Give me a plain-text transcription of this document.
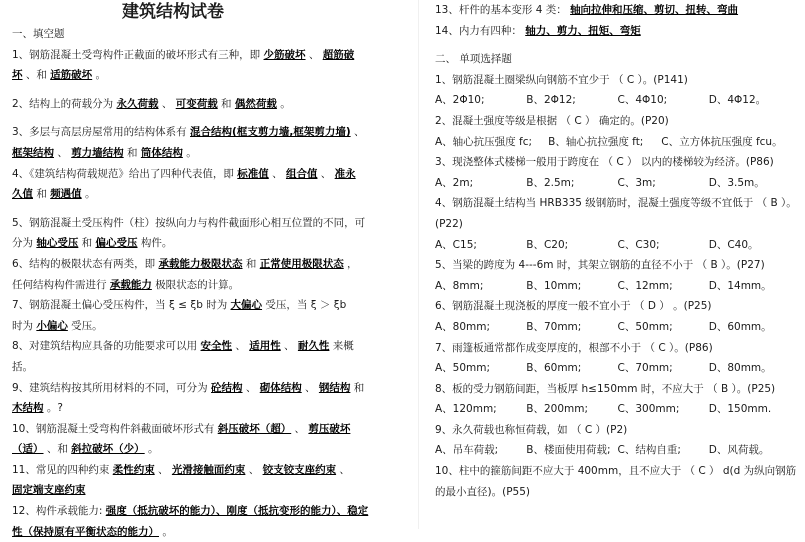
建筑结构试卷
一、填空题
1、钢筋混凝土受弯构件正截面的破坏形式有三种，即 少筋破坏 、 超筋破
坏 、和 适筋破坏 。
2、结构上的荷载分为 永久荷载 、 可变荷载 和 偶然荷载 。
3、多层与高层房屋常用的结构体系有 混合结构(框支剪力墙,框架剪力墙) 、
框架结构 、 剪力墙结构 和 筒体结构 。
4、《建筑结构荷载规范》给出了四种代表值，即 标准值 、 组合值 、 准永
久值 和 频遇值 。
5、钢筋混凝土受压构件（柱）按纵向力与构件截面形心相互位置的不同，可
分为 轴心受压 和 偏心受压 构件。
6、结构的极限状态有两类，即 承载能力极限状态 和 正常使用极限状态 ，
任何结构构件需进行 承载能力 极限状态的计算。
7、钢筋混凝土偏心受压构件，当 ξ ≤ ξb 时为 大偏心 受压，当 ξ ＞ ξb
时为 小偏心 受压。
8、对建筑结构应具备的功能要求可以用 安全性 、 适用性 、 耐久性 来概
括。
9、建筑结构按其所用材料的不同，可分为 砼结构 、 砌体结构 、 钢结构 和
木结构 。?
10、钢筋混凝土受弯构件斜截面破坏形式有 斜压破坏（超） 、 剪压破坏
（适） 、和 斜拉破坏（少） 。
11、常见的四种约束 柔性约束 、 光滑接触面约束 、 铰支铰支座约束 、
固定端支座约束
12、构件承载能力: 强度（抵抗破坏的能力）、刚度（抵抗变形的能力）、稳定
性（保持原有平衡状态的能力） 。
13、杆件的基本变形 4 类： 轴向拉伸和压缩、剪切、扭转、弯曲
14、内力有四种： 轴力、剪力、扭矩、弯矩
二、 单项选择题
1、钢筋混凝土圈梁纵向钢筋不宜少于 （ C ）。(P141)
A、2Φ10;	B、2Φ12;	C、4Φ10;	D、4Φ12。
2、混凝土强度等级是根据 （ C ） 确定的。(P20)
A、轴心抗压强度 fc;	B、轴心抗拉强度 ft;	C、立方体抗压强度 fcu。
3、现浇整体式楼梯一般用于跨度在 （ C ） 以内的楼梯较为经济。(P86)
A、2m;	B、2.5m;	C、3m;	D、3.5m。
4、钢筋混凝土结构当 HRB335 级钢筋时，混凝土强度等级不宜低于 （ B ）。
(P22)
A、C15;	B、C20;	C、C30;	D、C40。
5、当梁的跨度为 4---6m 时，其架立钢筋的直径不小于 （ B ）。(P27)
A、8mm;	B、10mm;	C、12mm;	D、14mm。
6、钢筋混凝土现浇板的厚度一般不宜小于 （ D ） 。(P25)
A、80mm;	B、70mm;	C、50mm;	D、60mm。
7、雨篷板通常都作成变厚度的，根部不小于 （ C ）。(P86)
A、50mm;	B、60mm;	C、70mm;	D、80mm。
8、板的受力钢筋间距，当板厚 h≤150mm 时，不应大于 （ B ）。(P25)
A、120mm;	B、200mm;	C、300mm;	D、150mm.
9、永久荷载也称恒荷载，如 （ C ）(P2)
A、吊车荷载;	B、楼面使用荷载; C、结构自重;	D、风荷载。
10、柱中的箍筋间距不应大于 400mm，且不应大于 （ C ） d(d 为纵向钢筋
的最小直径)。(P55)
